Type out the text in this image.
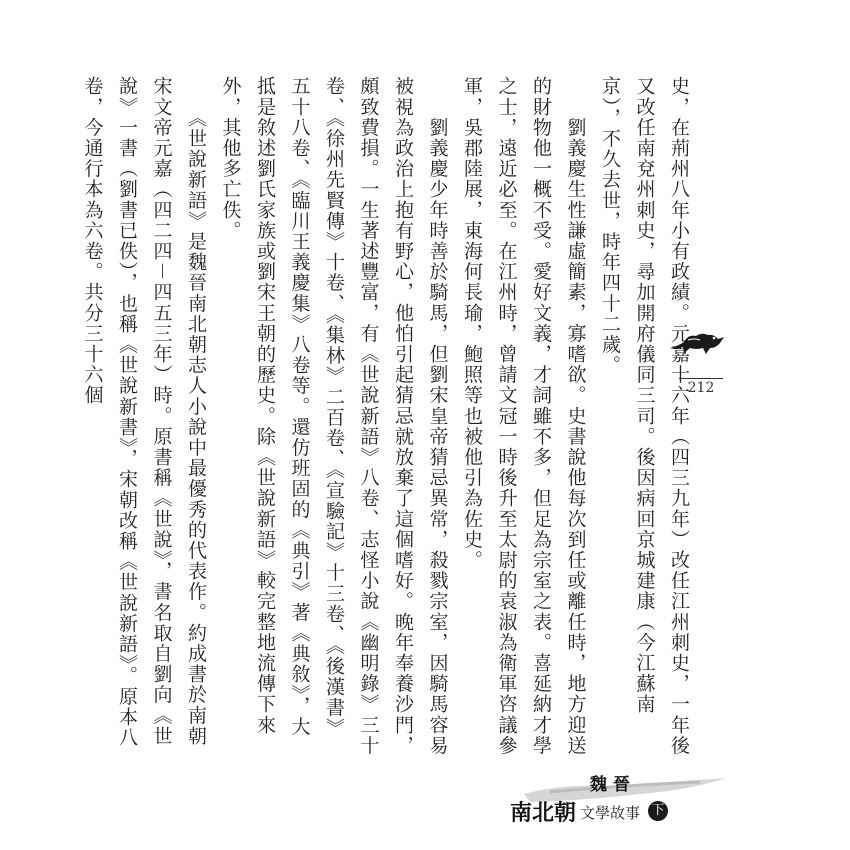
史，在荊州八年小有政績。元嘉十六年（四三九年）改任江州刺史，一年後又改任南兗州刺史，尋加開府儀同三司。後因病回京城建康（今江蘇南京），不久去世，時年四十二歲。

　　劉義慶生性謙虛簡素，寡嗜欲。史書說他每次到任或離任時，地方迎送的財物他一概不受。愛好文義，才詞雖不多，但足為宗室之表。喜延納才學之士，遠近必至。在江州時，曾請文冠一時後升至太尉的袁淑為衛軍咨議參軍，吳郡陸展，東海何長瑜，鮑照等也被他引為佐史。

　　劉義慶少年時善於騎馬，但劉宋皇帝猜忌異常，殺戮宗室，因騎馬容易被視為政治上抱有野心，他怕引起猜忌就放棄了這個嗜好。晚年奉養沙門，頗致費損。一生著述豐富，有《世說新語》八卷、志怪小說《幽明錄》三十卷、《徐州先賢傳》十卷、《集林》二百卷、《宣驗記》十三卷、《後漢書》五十八卷、《臨川王義慶集》八卷等。還仿班固的《典引》著《典敘》，大抵是敘述劉氏家族或劉宋王朝的歷史。除《世說新語》較完整地流傳下來外，其他多亡佚。

　　《世說新語》是魏晉南北朝志人小說中最優秀的代表作。約成書於南朝宋文帝元嘉（四二四－四五三年）時。原書稱《世說》，書名取自劉向《世說》一書（劉書已佚），也稱《世說新書》，宋朝改稱《世說新語》。原本八卷，今通行本為六卷。共分三十六個	212
魏晉
南北朝 文學故事 下
